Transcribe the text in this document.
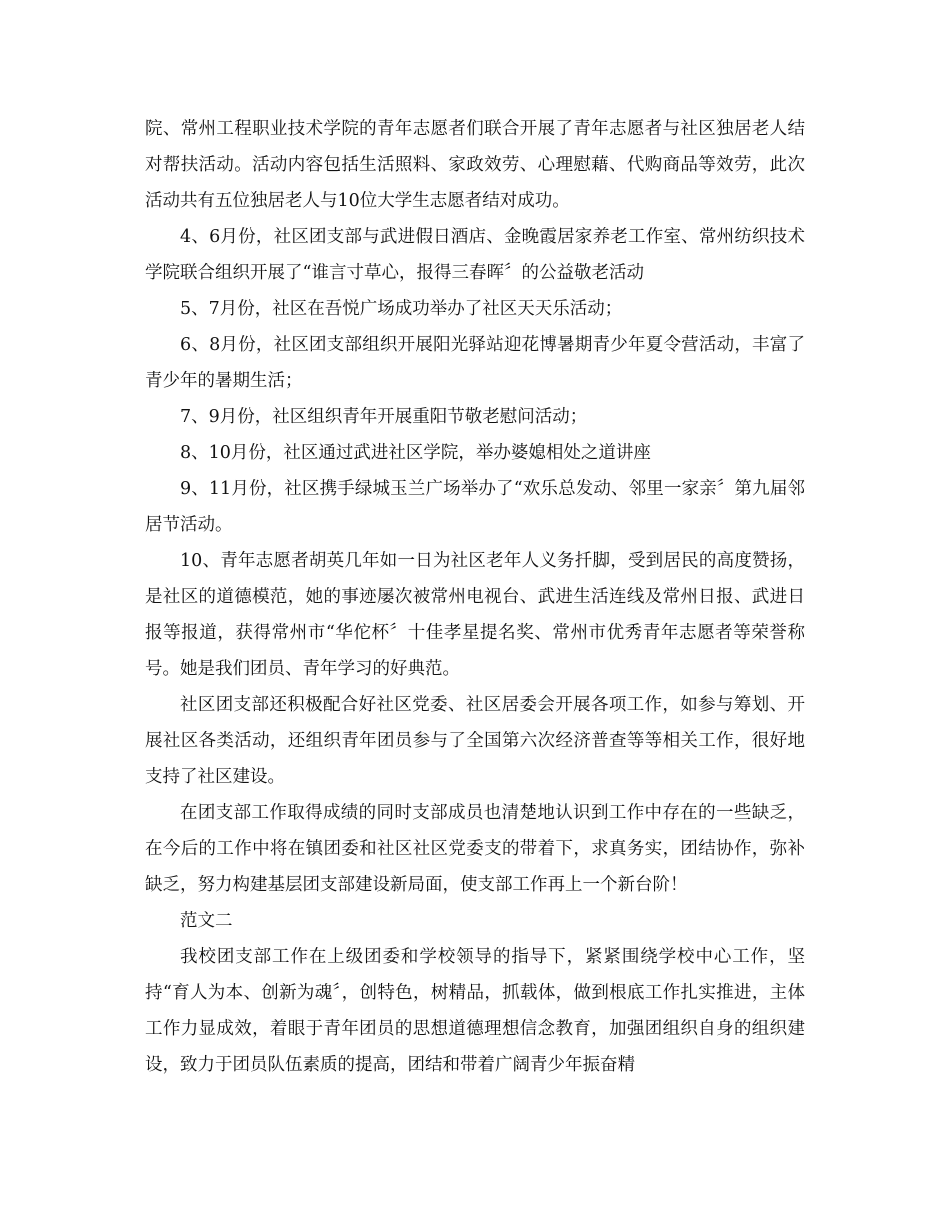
院、常州工程职业技术学院的青年志愿者们联合开展了青年志愿者与社区独居老人结对帮扶活动。活动内容包括生活照料、家政效劳、心理慰藉、代购商品等效劳，此次活动共有五位独居老人与10位大学生志愿者结对成功。

4、6月份，社区团支部与武进假日酒店、金晚霞居家养老工作室、常州纺织技术学院联合组织开展了“谁言寸草心，报得三春晖〞的公益敬老活动

5、7月份，社区在吾悦广场成功举办了社区天天乐活动；

6、8月份，社区团支部组织开展阳光驿站迎花博暑期青少年夏令营活动，丰富了青少年的暑期生活；

7、9月份，社区组织青年开展重阳节敬老慰问活动；

8、10月份，社区通过武进社区学院，举办婆媳相处之道讲座

9、11月份，社区携手绿城玉兰广场举办了“欢乐总发动、邻里一家亲〞第九届邻居节活动。

10、青年志愿者胡英几年如一日为社区老年人义务扦脚，受到居民的高度赞扬，是社区的道德模范，她的事迹屡次被常州电视台、武进生活连线及常州日报、武进日报等报道，获得常州市“华佗杯〞十佳孝星提名奖、常州市优秀青年志愿者等荣誉称号。她是我们团员、青年学习的好典范。

社区团支部还积极配合好社区党委、社区居委会开展各项工作，如参与筹划、开展社区各类活动，还组织青年团员参与了全国第六次经济普查等等相关工作，很好地支持了社区建设。

在团支部工作取得成绩的同时支部成员也清楚地认识到工作中存在的一些缺乏，在今后的工作中将在镇团委和社区社区党委支的带着下，求真务实，团结协作，弥补缺乏，努力构建基层团支部建设新局面，使支部工作再上一个新台阶！

范文二

我校团支部工作在上级团委和学校领导的指导下，紧紧围绕学校中心工作，坚持“育人为本、创新为魂〞，创特色，树精品，抓载体，做到根底工作扎实推进，主体工作力显成效，着眼于青年团员的思想道德理想信念教育，加强团组织自身的组织建设，致力于团员队伍素质的提高，团结和带着广阔青少年振奋精
